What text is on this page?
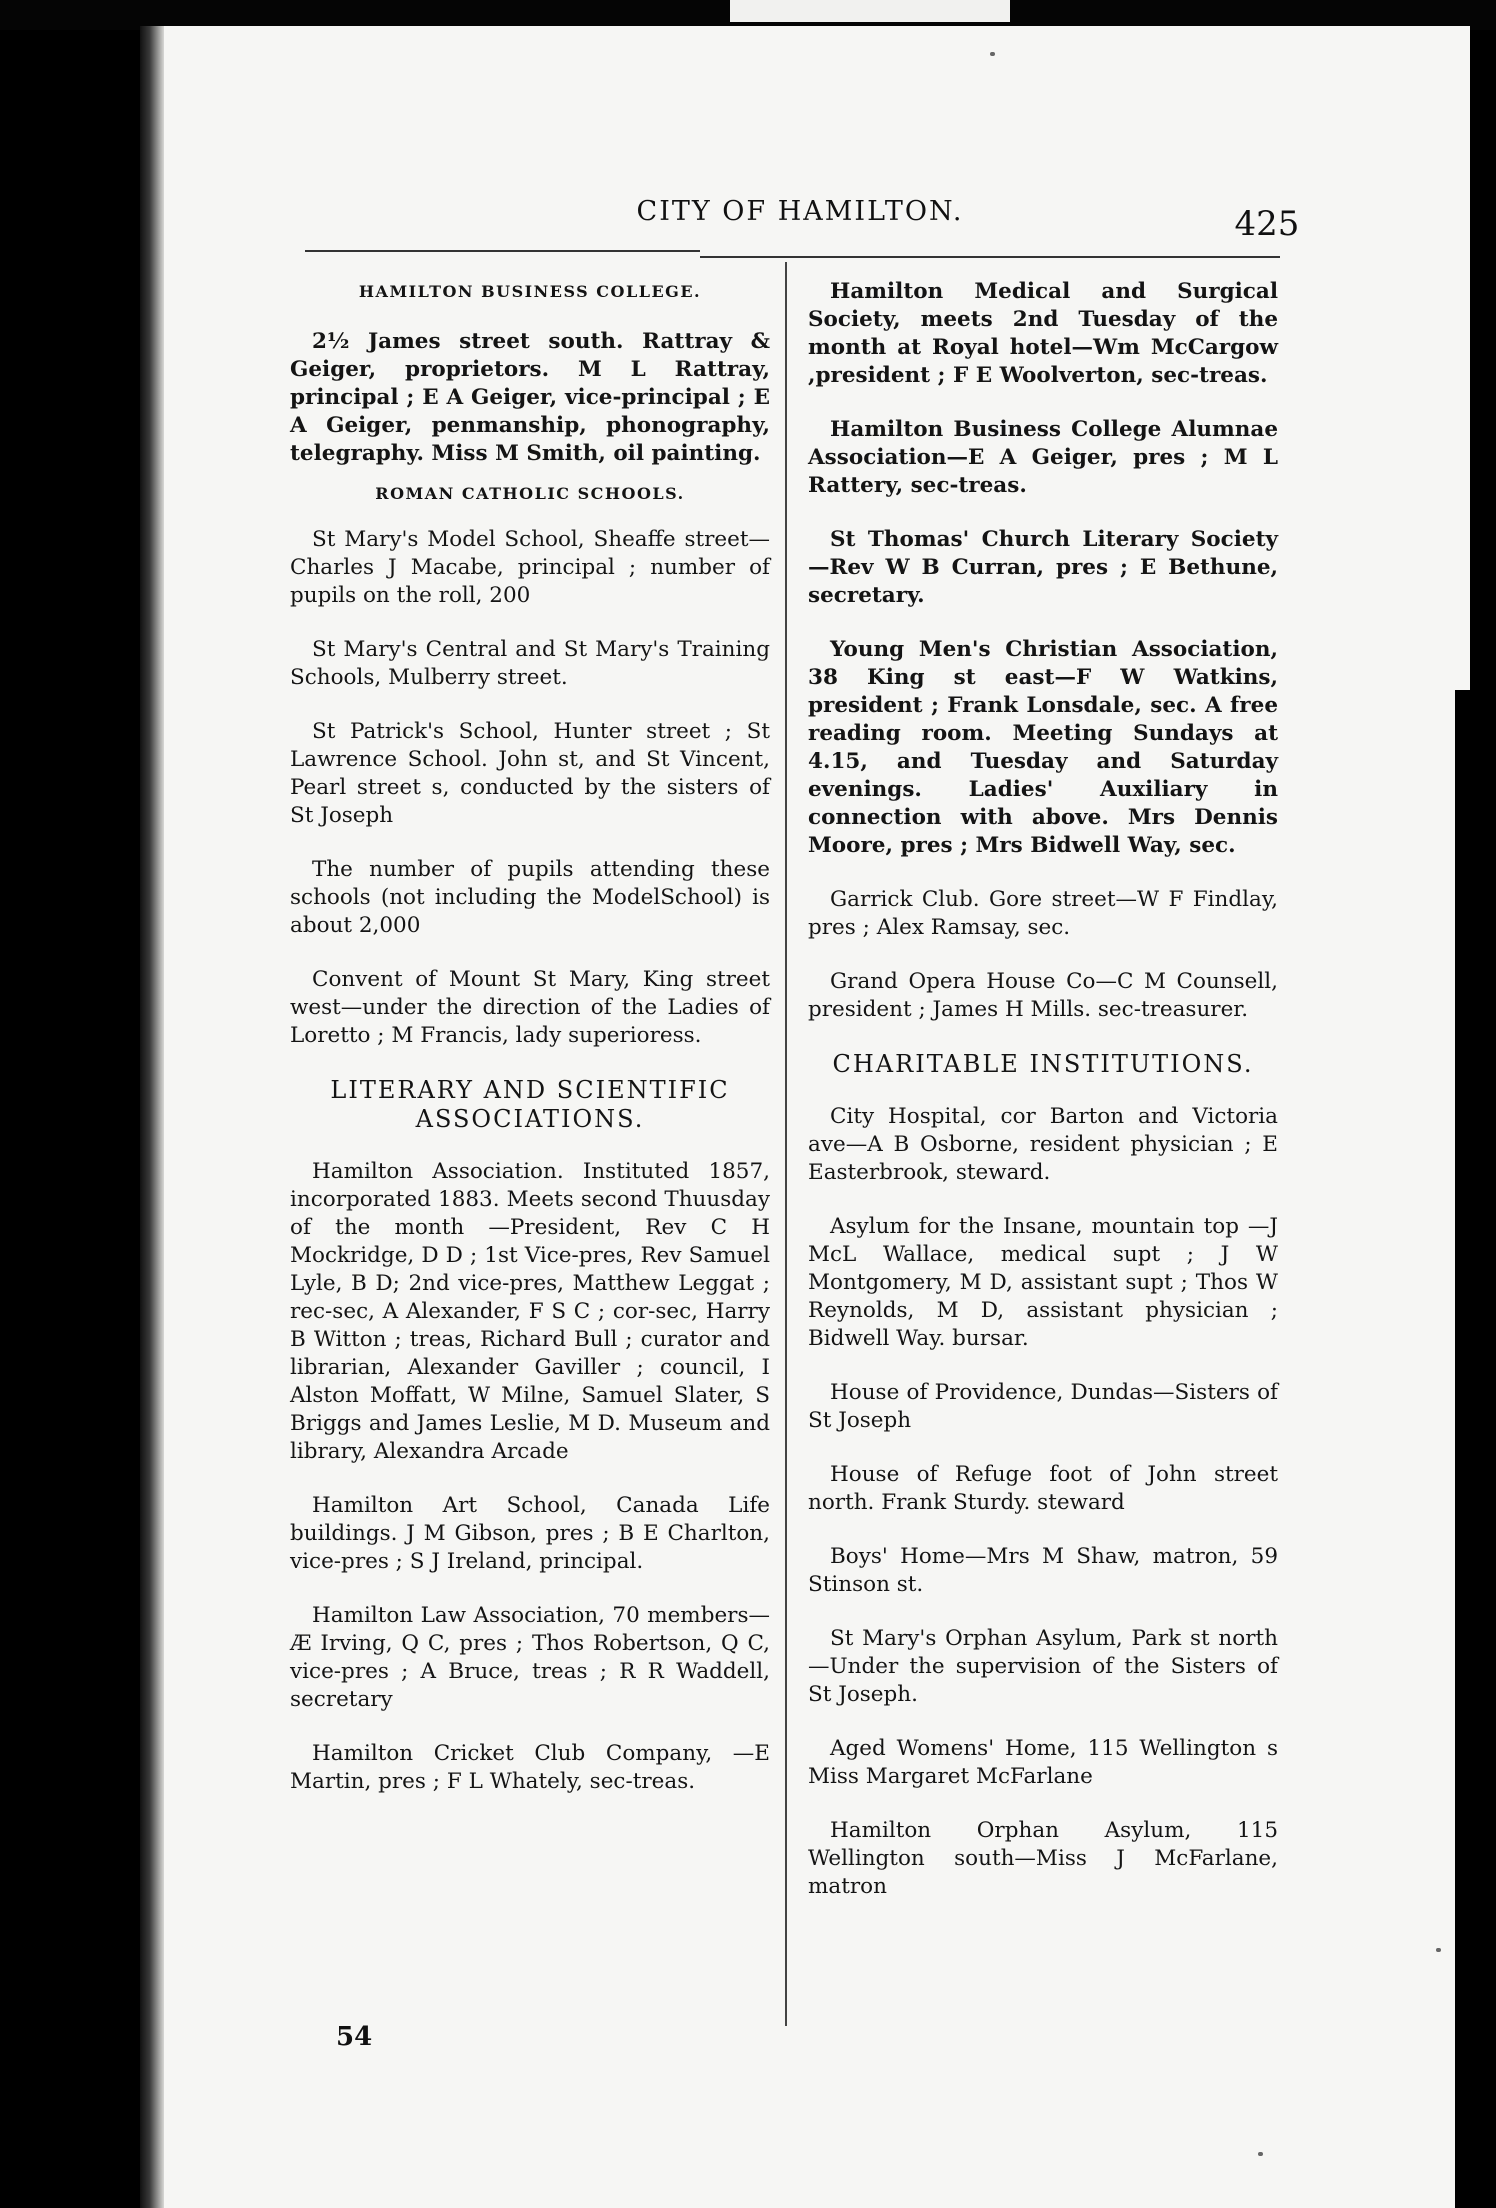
CITY OF HAMILTON.	425
HAMILTON BUSINESS COLLEGE.

2½ James street south. Rattray & Geiger, proprietors. M L Rattray, principal ; E A Geiger, vice-principal ; E A Geiger, penmanship, phonography, telegraphy. Miss M Smith, oil painting.

ROMAN CATHOLIC SCHOOLS.

St Mary's Model School, Sheaffe street—Charles J Macabe, principal ; number of pupils on the roll, 200

St Mary's Central and St Mary's Training Schools, Mulberry street.

St Patrick's School, Hunter street ; St Lawrence School. John st, and St Vincent, Pearl street s, conducted by the sisters of St Joseph

The number of pupils attending these schools (not including the ModelSchool) is about 2,000

Convent of Mount St Mary, King street west—under the direction of the Ladies of Loretto ; M Francis, lady superioress.

LITERARY AND SCIENTIFIC ASSOCIATIONS.

Hamilton Association. Instituted 1857, incorporated 1883. Meets second Thuusday of the month —President, Rev C H Mockridge, D D ; 1st Vice-pres, Rev Samuel Lyle, B D; 2nd vice-pres, Matthew Leggat ; rec-sec, A Alexander, F S C ; cor-sec, Harry B Witton ; treas, Richard Bull ; curator and librarian, Alexander Gaviller ; council, I Alston Moffatt, W Milne, Samuel Slater, S Briggs and James Leslie, M D. Museum and library, Alexandra Arcade

Hamilton Art School, Canada Life buildings. J M Gibson, pres ; B E Charlton, vice-pres ; S J Ireland, principal.

Hamilton Law Association, 70 members—Æ Irving, Q C, pres ; Thos Robertson, Q C, vice-pres ; A Bruce, treas ; R R Waddell, secretary

Hamilton Cricket Club Company, —E Martin, pres ; F L Whately, sec-treas.

Hamilton Medical and Surgical Society, meets 2nd Tuesday of the month at Royal hotel—Wm McCargow ,president ; F E Woolverton, sec-treas.

Hamilton Business College Alumnae Association—E A Geiger, pres ; M L Rattery, sec-treas.

St Thomas' Church Literary Society —Rev W B Curran, pres ; E Bethune, secretary.

Young Men's Christian Association, 38 King st east—F W Watkins, president ; Frank Lonsdale, sec. A free reading room. Meeting Sundays at 4.15, and Tuesday and Saturday evenings. Ladies' Auxiliary in connection with above. Mrs Dennis Moore, pres ; Mrs Bidwell Way, sec.

Garrick Club. Gore street—W F Findlay, pres ; Alex Ramsay, sec.

Grand Opera House Co—C M Counsell, president ; James H Mills. sec-treasurer.

CHARITABLE INSTITUTIONS.

City Hospital, cor Barton and Victoria ave—A B Osborne, resident physician ; E Easterbrook, steward.

Asylum for the Insane, mountain top —J McL Wallace, medical supt ; J W Montgomery, M D, assistant supt ; Thos W Reynolds, M D, assistant physician ; Bidwell Way. bursar.

House of Providence, Dundas—Sisters of St Joseph

House of Refuge foot of John street north. Frank Sturdy. steward

Boys' Home—Mrs M Shaw, matron, 59 Stinson st.

St Mary's Orphan Asylum, Park st north—Under the supervision of the Sisters of St Joseph.

Aged Womens' Home, 115 Wellington s Miss Margaret McFarlane

Hamilton Orphan Asylum, 115 Wellington south—Miss J McFarlane, matron

54
